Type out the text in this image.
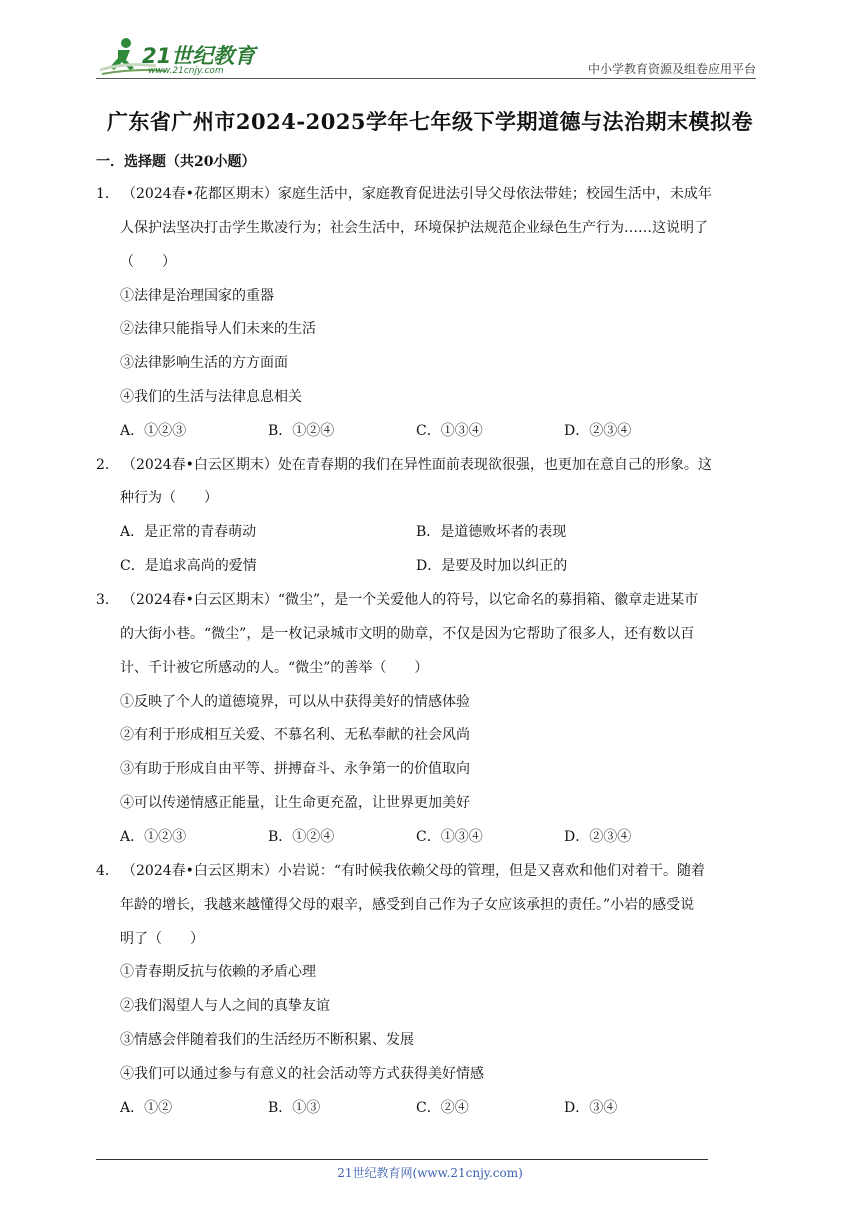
21世纪教育
www.21cnjy.com	中小学教育资源及组卷应用平台
广东省广州市2024-2025学年七年级下学期道德与法治期末模拟卷
一．选择题（共20小题）
1． （2024春•花都区期末）家庭生活中，家庭教育促进法引导父母依法带娃；校园生活中，未成年
人保护法坚决打击学生欺凌行为；社会生活中，环境保护法规范企业绿色生产行为……这说明了
（　　）
①法律是治理国家的重器
②法律只能指导人们未来的生活
③法律影响生活的方方面面
④我们的生活与法律息息相关
A．①②③	B．①②④	C．①③④	D．②③④
2． （2024春•白云区期末）处在青春期的我们在异性面前表现欲很强，也更加在意自己的形象。这
种行为（　　）
A．是正常的青春萌动	B．是道德败坏者的表现
C．是追求高尚的爱情	D．是要及时加以纠正的
3． （2024春•白云区期末）“微尘”，是一个关爱他人的符号，以它命名的募捐箱、徽章走进某市
的大街小巷。“微尘”，是一枚记录城市文明的勋章，不仅是因为它帮助了很多人，还有数以百
计、千计被它所感动的人。“微尘”的善举（　　）
①反映了个人的道德境界，可以从中获得美好的情感体验
②有利于形成相互关爱、不慕名利、无私奉献的社会风尚
③有助于形成自由平等、拼搏奋斗、永争第一的价值取向
④可以传递情感正能量，让生命更充盈，让世界更加美好
A．①②③	B．①②④	C．①③④	D．②③④
4． （2024春•白云区期末）小岩说：“有时候我依赖父母的管理，但是又喜欢和他们对着干。随着
年龄的增长，我越来越懂得父母的艰辛，感受到自己作为子女应该承担的责任。”小岩的感受说
明了（　　）
①青春期反抗与依赖的矛盾心理
②我们渴望人与人之间的真挚友谊
③情感会伴随着我们的生活经历不断积累、发展
④我们可以通过参与有意义的社会活动等方式获得美好情感
A．①②	B．①③	C．②④	D．③④
21世纪教育网(www.21cnjy.com)
